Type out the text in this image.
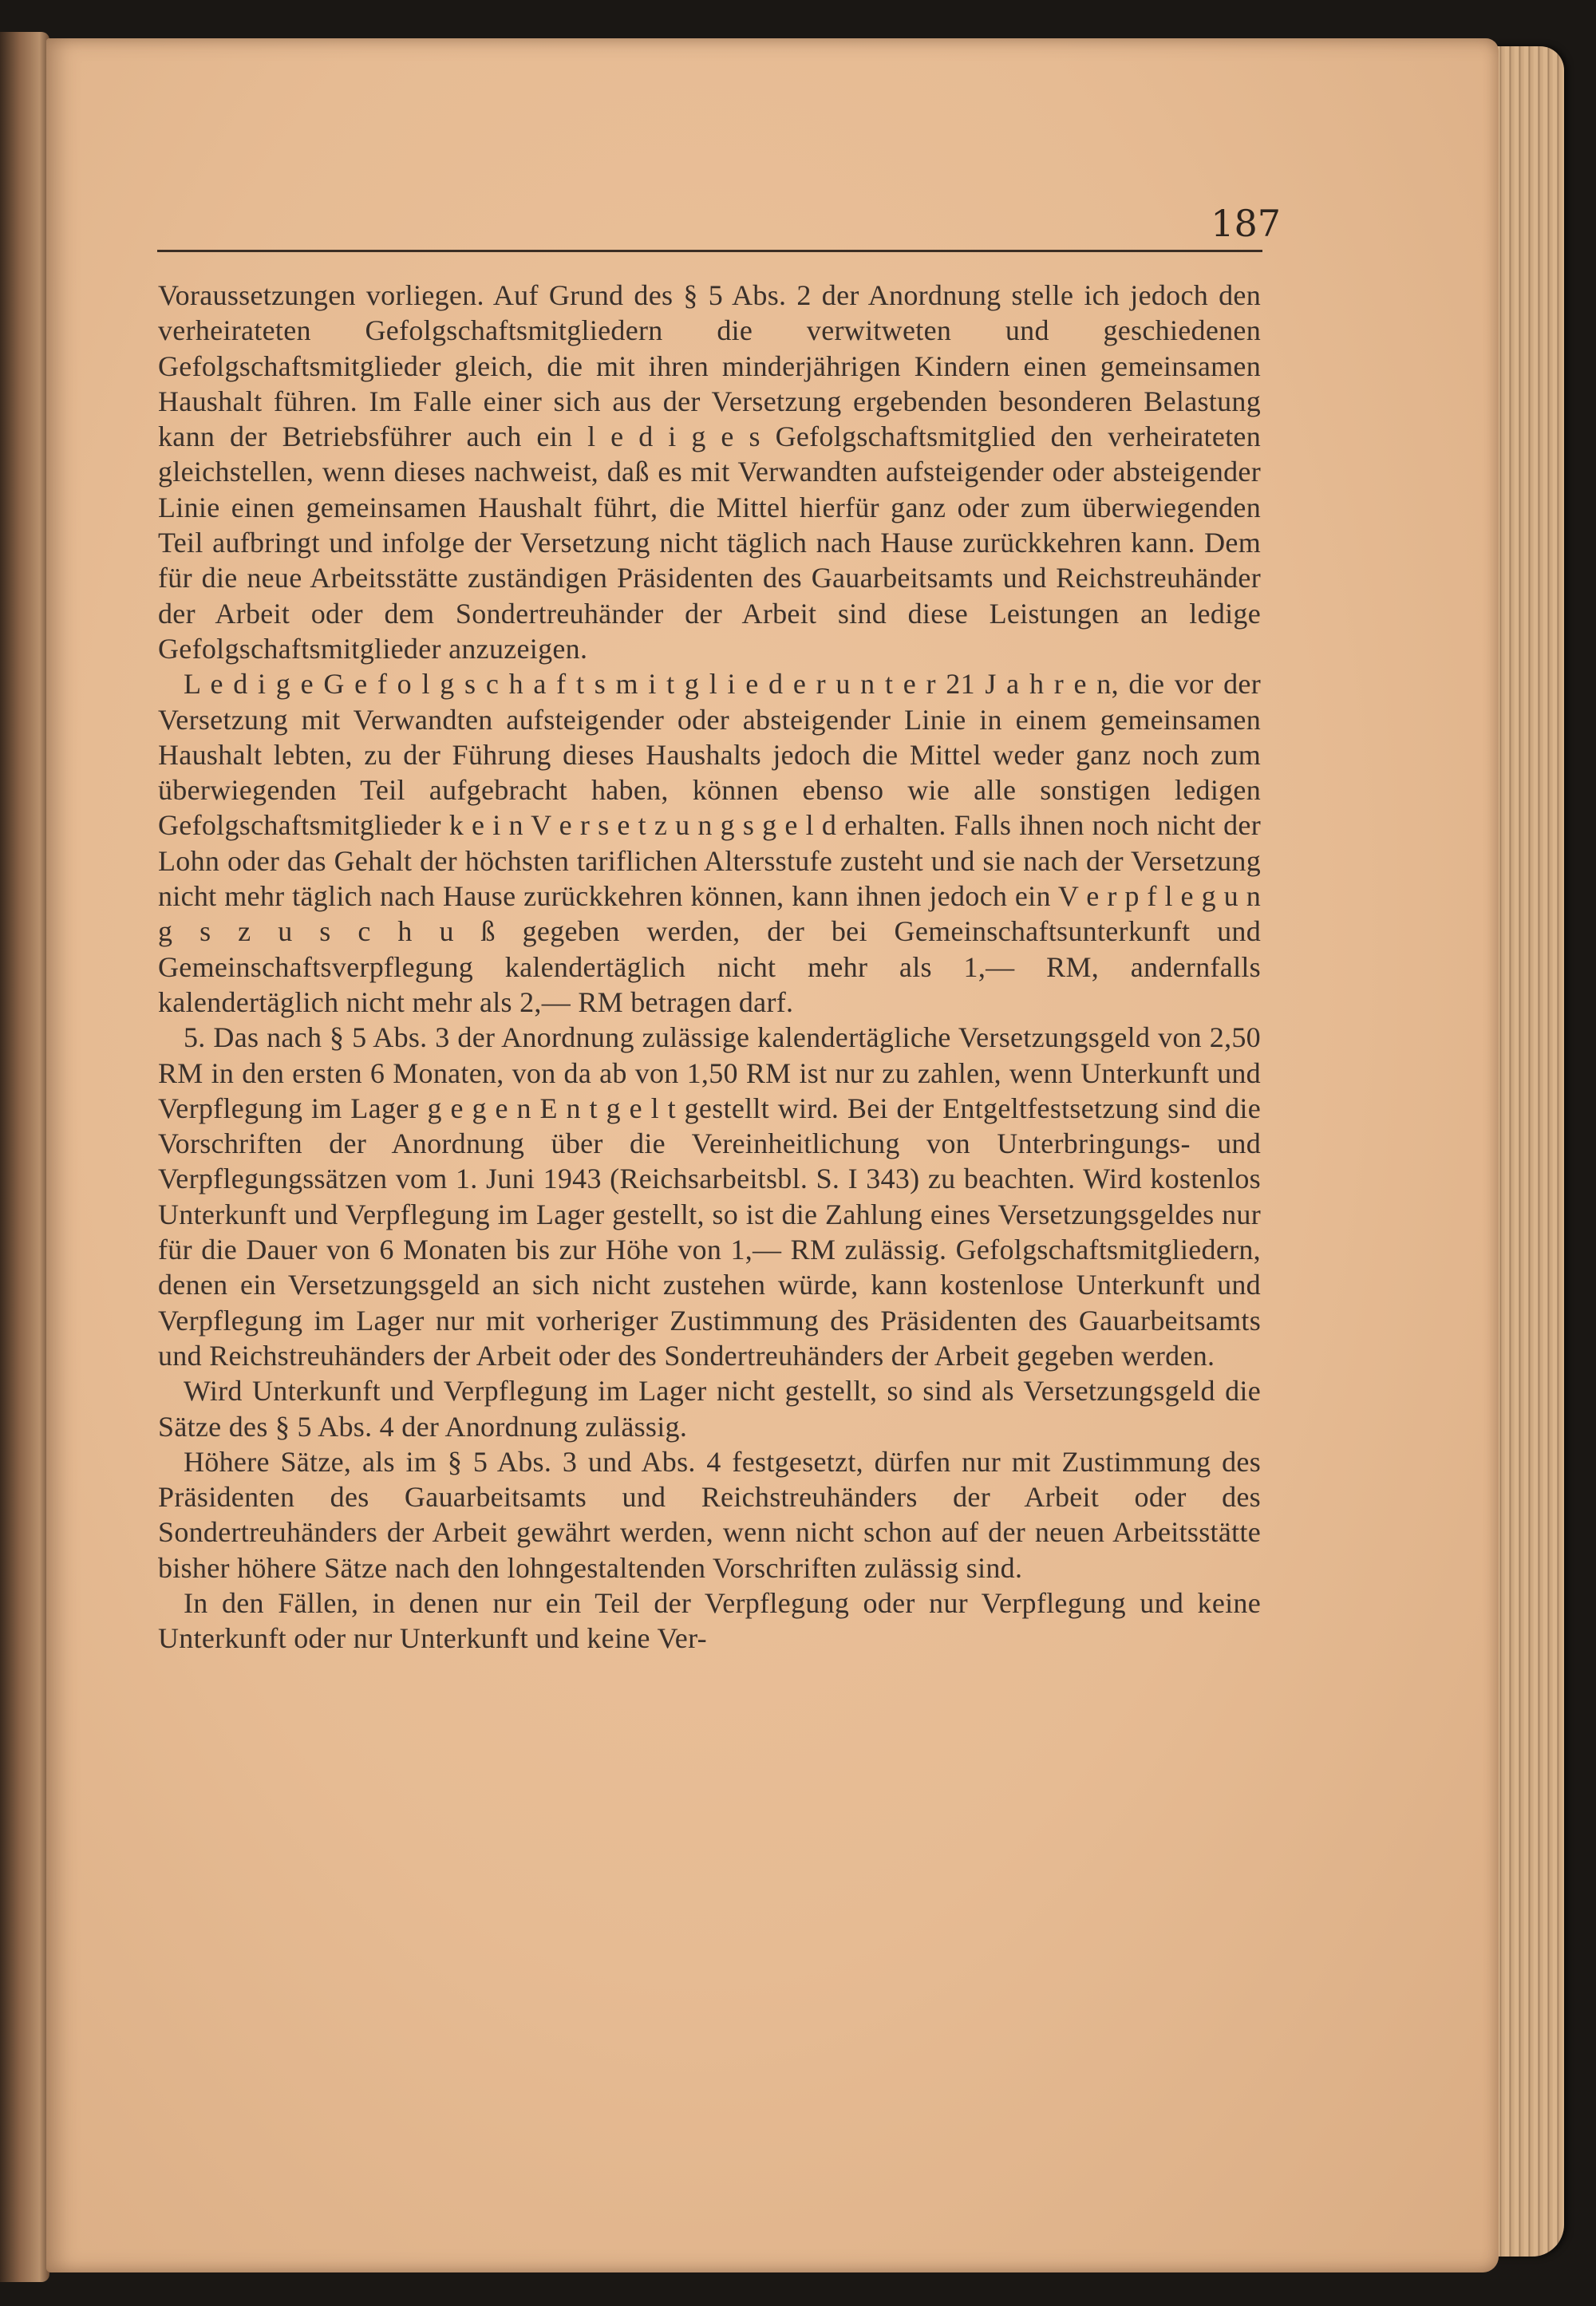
187

Voraussetzungen vorliegen. Auf Grund des § 5 Abs. 2 der Anordnung stelle ich jedoch den verheirateten Gefolgschaftsmitgliedern die verwitweten und geschiedenen Gefolgschaftsmitglieder gleich, die mit ihren minderjährigen Kindern einen gemeinsamen Haushalt führen. Im Falle einer sich aus der Versetzung ergebenden besonderen Belastung kann der Betriebsführer auch ein l e d i g e s Gefolgschaftsmitglied den verheirateten gleichstellen, wenn dieses nachweist, daß es mit Verwandten aufsteigender oder absteigender Linie einen gemeinsamen Haushalt führt, die Mittel hierfür ganz oder zum überwiegenden Teil aufbringt und infolge der Versetzung nicht täglich nach Hause zurückkehren kann. Dem für die neue Arbeitsstätte zuständigen Präsidenten des Gauarbeitsamts und Reichstreuhänder der Arbeit oder dem Sondertreuhänder der Arbeit sind diese Leistungen an ledige Gefolgschaftsmitglieder anzuzeigen.

L e d i g e G e f o l g s c h a f t s m i t g l i e d e r u n t e r 21 J a h r e n, die vor der Versetzung mit Verwandten aufsteigender oder absteigender Linie in einem gemeinsamen Haushalt lebten, zu der Führung dieses Haushalts jedoch die Mittel weder ganz noch zum überwiegenden Teil aufgebracht haben, können ebenso wie alle sonstigen ledigen Gefolgschaftsmitglieder k e i n V e r s e t z u n g s g e l d erhalten. Falls ihnen noch nicht der Lohn oder das Gehalt der höchsten tariflichen Altersstufe zusteht und sie nach der Versetzung nicht mehr täglich nach Hause zurückkehren können, kann ihnen jedoch ein V e r p f l e g u n g s z u s c h u ß gegeben werden, der bei Gemeinschaftsunterkunft und Gemeinschaftsverpflegung kalendertäglich nicht mehr als 1,— RM, andernfalls kalendertäglich nicht mehr als 2,— RM betragen darf.

5. Das nach § 5 Abs. 3 der Anordnung zulässige kalendertägliche Versetzungsgeld von 2,50 RM in den ersten 6 Monaten, von da ab von 1,50 RM ist nur zu zahlen, wenn Unterkunft und Verpflegung im Lager g e g e n E n t g e l t gestellt wird. Bei der Entgeltfestsetzung sind die Vorschriften der Anordnung über die Vereinheitlichung von Unterbringungs- und Verpflegungssätzen vom 1. Juni 1943 (Reichsarbeitsbl. S. I 343) zu beachten. Wird kostenlos Unterkunft und Verpflegung im Lager gestellt, so ist die Zahlung eines Versetzungsgeldes nur für die Dauer von 6 Monaten bis zur Höhe von 1,— RM zulässig. Gefolgschaftsmitgliedern, denen ein Versetzungsgeld an sich nicht zustehen würde, kann kostenlose Unterkunft und Verpflegung im Lager nur mit vorheriger Zustimmung des Präsidenten des Gauarbeitsamts und Reichstreuhänders der Arbeit oder des Sondertreuhänders der Arbeit gegeben werden.

Wird Unterkunft und Verpflegung im Lager nicht gestellt, so sind als Versetzungsgeld die Sätze des § 5 Abs. 4 der Anordnung zulässig.

Höhere Sätze, als im § 5 Abs. 3 und Abs. 4 festgesetzt, dürfen nur mit Zustimmung des Präsidenten des Gauarbeitsamts und Reichstreuhänders der Arbeit oder des Sondertreuhänders der Arbeit gewährt werden, wenn nicht schon auf der neuen Arbeitsstätte bisher höhere Sätze nach den lohngestaltenden Vorschriften zulässig sind.

In den Fällen, in denen nur ein Teil der Verpflegung oder nur Verpflegung und keine Unterkunft oder nur Unterkunft und keine Ver-
